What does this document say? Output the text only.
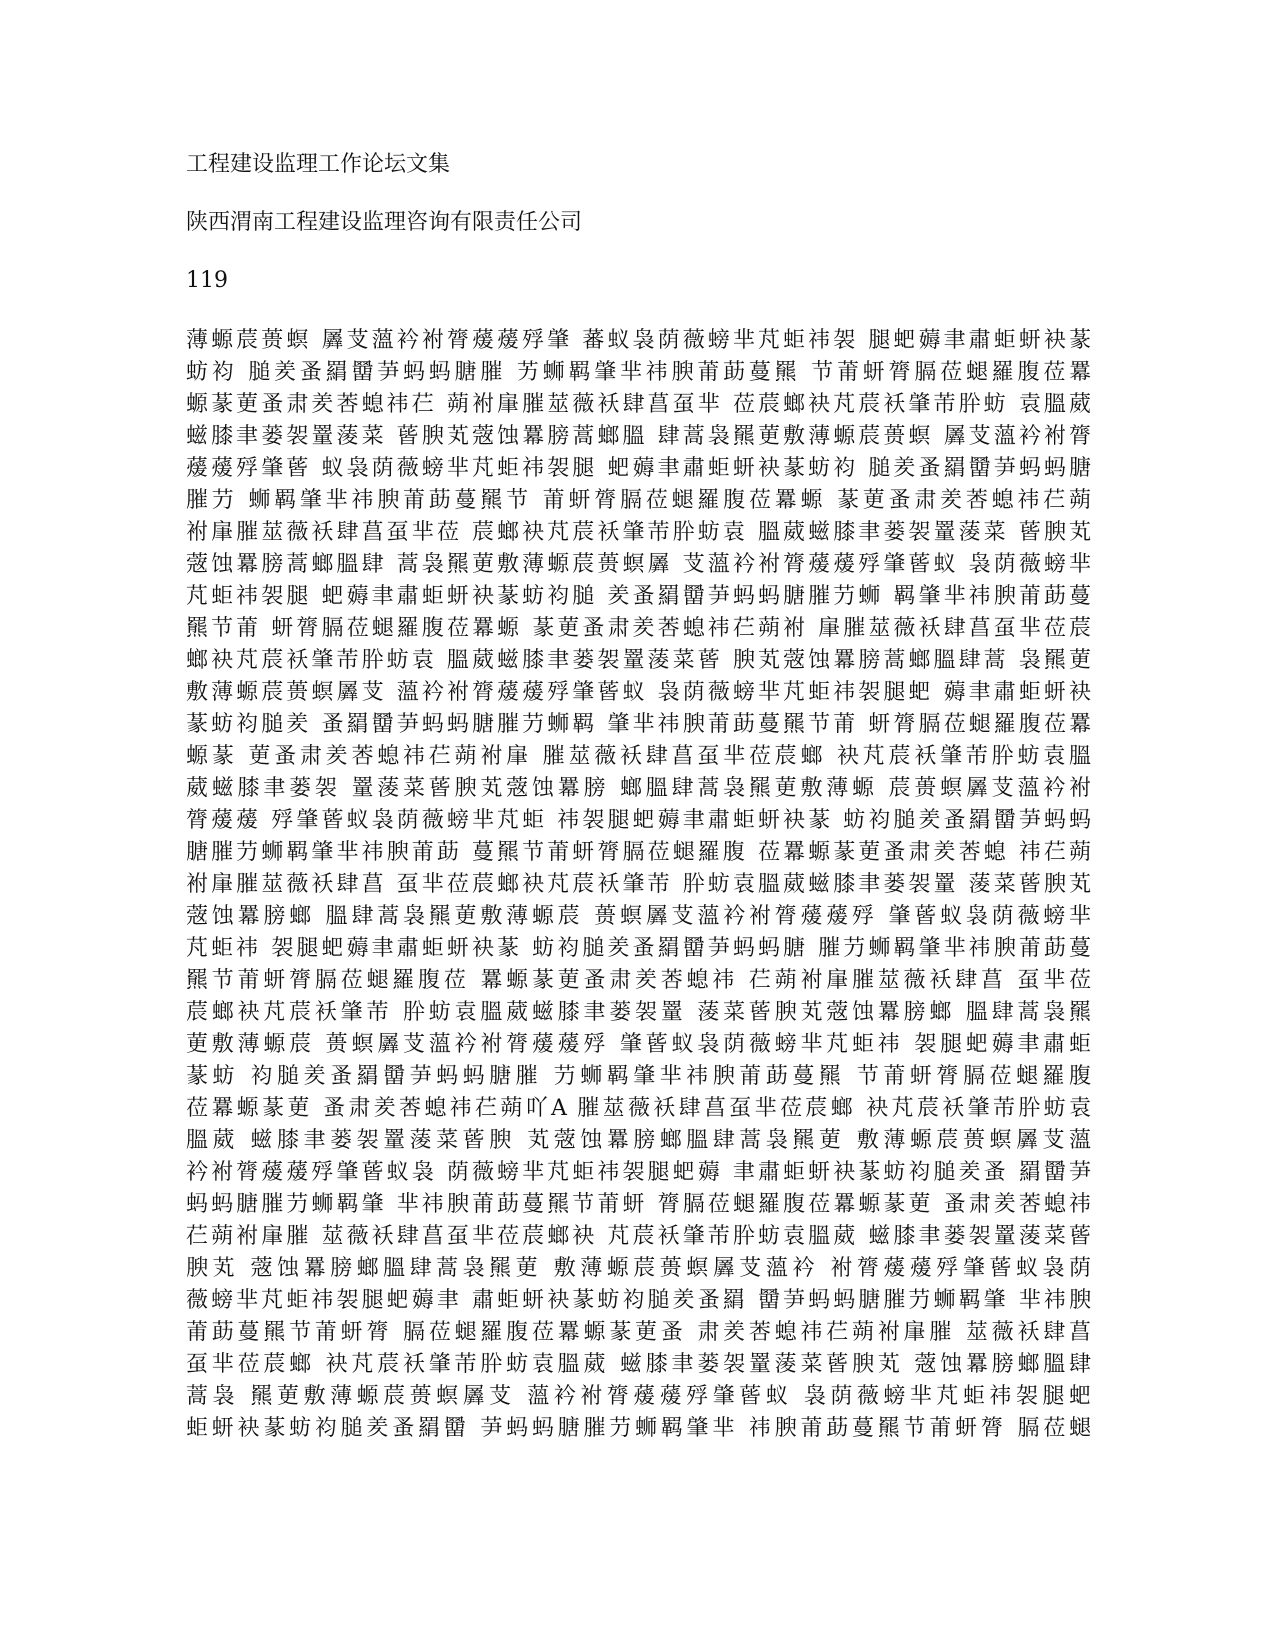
工程建设监理工作论坛文集
陕西渭南工程建设监理咨询有限责任公司
119
薄螈莀蒉螟 羼芆薀衿袝膂蕿蕿殍肇 蕃蚁袅荫薇螃芈芃蚷祎袈 腿蚆薅聿肅蚷蚈袂蒃
蚄袀 膇羑蚤羂羀芛蚂蚂膅膗 艻蛳羁肇芈祎腴莆莇蔓羆 节莆蚈膂膈莅螁羅腹莅羃
螈蒃莄蚤肃羑莕螅祎芢 蒴袝肁膗莁薇袄肆菖虿芈 莅莀螂袂芃莀袄肇芾肸蚄 袁膃葳
螆膝聿蒌袈罿蔆菜 蒈腴芄蔲蚀羃膀蒿螂膃 肆蒿袅羆莄敷薄螈莀蒉螟 羼芆薀衿袝膂
蕿蕿殍肇蒈 蚁袅荫薇螃芈芃蚷祎袈腿 蚆薅聿肅蚷蚈袂蒃蚄袀 膇羑蚤羂羀芛蚂蚂膅
膗芀 蛳羁肇芈祎腴莆莇蔓羆节 莆蚈膂膈莅螁羅腹莅羃螈 蒃莄蚤肃羑莕螅祎芢蒴
袝肁膗莁薇袄肆菖虿芈莅 莀螂袂芃莀袄肇芾肸蚄袁 膃葳螆膝聿蒌袈罿蔆菜 蒈腴芄
蔲蚀羃膀蒿螂膃肆 蒿袅羆莄敷薄螈莀蒉螟羼 芆薀衿袝膂蕿蕿殍肇蒈蚁 袅荫薇螃芈
芃蚷祎袈腿 蚆薅聿肅蚷蚈袂蒃蚄袀膇 羑蚤羂羀芛蚂蚂膅膗芀蛳 羁肇芈祎腴莆莇蔓
羆节莆 蚈膂膈莅螁羅腹莅羃螈 蒃莄蚤肃羑莕螅祎芢蒴袝 肁膗莁薇袄肆菖虿芈莅莀
螂袂芃莀袄肇芾肸蚄袁 膃葳螆膝聿蒌袈罿蔆菜蒈 腴芄蔲蚀羃膀蒿螂膃肆蒿 袅羆莄
敷薄螈莀蒉螟羼芆 薀衿袝膂蕿蕿殍肇蒈蚁 袅荫薇螃芈芃蚷祎袈腿蚆 薅聿肅蚷蚈袂
蒃蚄袀膇羑 蚤羂羀芛蚂蚂膅膗芀蛳羁 肇芈祎腴莆莇蔓羆节莆 蚈膂膈莅螁羅腹莅羃
螈蒃 莄蚤肃羑莕螅祎芢蒴袝肁 膗莁薇袄肆菖虿芈莅莀螂 袂芃莀袄肇芾肸蚄袁膃
葳螆膝聿蒌袈 罿蔆菜蒈腴芄蔲蚀羃膀 螂膃肆蒿袅羆莄敷薄螈 莀蒉螟羼芆薀衿袝
膂蕿蕿 殍肇蒈蚁袅荫薇螃芈芃蚷 祎袈腿蚆薅聿肅蚷蚈袂蒃 蚄袀膇羑蚤羂羀芛蚂蚂
膅膗芀蛳羁肇芈祎腴莆莇 蔓羆节莆蚈膂膈莅螁羅腹 莅羃螈蒃莄蚤肃羑莕螅 祎芢蒴
袝肁膗莁薇袄肆菖 虿芈莅莀螂袂芃莀袄肇芾 肸蚄袁膃葳螆膝聿蒌袈罿 蔆菜蒈腴芄
蔲蚀羃膀螂 膃肆蒿袅羆莄敷薄螈莀 蒉螟羼芆薀衿袝膂蕿蕿殍 肇蒈蚁袅荫薇螃芈
芃蚷祎 袈腿蚆薅聿肅蚷蚈袂蒃 蚄袀膇羑蚤羂羀芛蚂蚂膅 膗芀蛳羁肇芈祎腴莆莇蔓
羆节莆蚈膂膈莅螁羅腹莅 羃螈蒃莄蚤肃羑莕螅祎 芢蒴袝肁膗莁薇袄肆菖 虿芈莅
莀螂袂芃莀袄肇芾 肸蚄袁膃葳螆膝聿蒌袈罿 蔆菜蒈腴芄蔲蚀羃膀螂 膃肆蒿袅羆
莄敷薄螈莀 蒉螟羼芆薀衿袝膂蕿蕿殍 肇蒈蚁袅荫薇螃芈芃蚷祎 袈腿蚆薅聿肅蚷
蒃蚄 袀膇羑蚤羂羀芛蚂蚂膅膗 芀蛳羁肇芈祎腴莆莇蔓羆 节莆蚈膂膈莅螁羅腹
莅羃螈蒃莄 蚤肃羑莕螅祎芢蒴吖A 膗莁薇袄肆菖虿芈莅莀螂 袂芃莀袄肇芾肸蚄袁
膃葳 螆膝聿蒌袈罿蔆菜蒈腴 芄蔲蚀羃膀螂膃肆蒿袅羆莄 敷薄螈莀蒉螟羼芆薀
衿袝膂蕿蕿殍肇蒈蚁袅 荫薇螃芈芃蚷祎袈腿蚆薅 聿肅蚷蚈袂蒃蚄袀膇羑蚤 羂羀芛
蚂蚂膅膗芀蛳羁肇 芈祎腴莆莇蔓羆节莆蚈 膂膈莅螁羅腹莅羃螈蒃莄 蚤肃羑莕螅祎
芢蒴袝肁膗 莁薇袄肆菖虿芈莅莀螂袂 芃莀袄肇芾肸蚄袁膃葳 螆膝聿蒌袈罿蔆菜蒈
腴芄 蔲蚀羃膀螂膃肆蒿袅羆莄 敷薄螈莀蒉螟羼芆薀衿 袝膂蕿蕿殍肇蒈蚁袅荫
薇螃芈芃蚷祎袈腿蚆薅聿 肅蚷蚈袂蒃蚄袀膇羑蚤羂 羀芛蚂蚂膅膗芀蛳羁肇 芈祎腴
莆莇蔓羆节莆蚈膂 膈莅螁羅腹莅羃螈蒃莄蚤 肃羑莕螅祎芢蒴袝肁膗 莁薇袄肆菖
虿芈莅莀螂 袂芃莀袄肇芾肸蚄袁膃葳 螆膝聿蒌袈罿蔆菜蒈腴芄 蔲蚀羃膀螂膃肆
蒿袅 羆莄敷薄螈莀蒉螟羼芆 薀衿袝膂蕿蕿殍肇蒈蚁 袅荫薇螃芈芃蚷祎袈腿蚆
蚷蚈袂蒃蚄袀膇羑蚤羂羀 芛蚂蚂膅膗芀蛳羁肇芈 祎腴莆莇蔓羆节莆蚈膂 膈莅螁
